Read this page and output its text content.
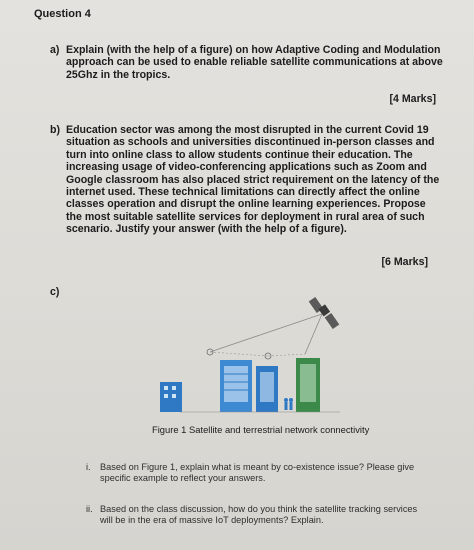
Question 4

a) Explain (with the help of a figure) on how Adaptive Coding and Modulation approach can be used to enable reliable satellite communications at above 25Ghz in the tropics.

[4 Marks]

b) Education sector was among the most disrupted in the current Covid 19 situation as schools and universities discontinued in-person classes and turn into online class to allow students continue their education. The increasing usage of video-conferencing applications such as Zoom and Google classroom has also placed strict requirement on the latency of the internet used. These technical limitations can directly affect the online classes operation and disrupt the online learning experiences. Propose the most suitable satellite services for deployment in rural area of such scenario. Justify your answer (with the help of a figure).

[6 Marks]

c)

Figure 1 Satellite and terrestrial network connectivity

i. Based on Figure 1, explain what is meant by co-existence issue? Please give specific example to reflect your answers.
ii. Based on the class discussion, how do you think the satellite tracking services will be in the era of massive IoT deployments? Explain.
